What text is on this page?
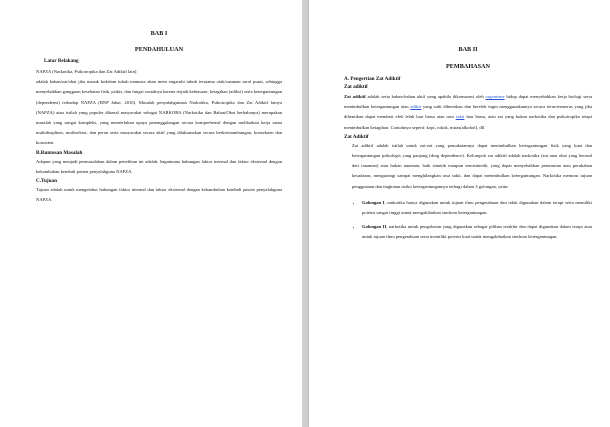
BAB I
PENDAHULUAN
Latar Belakang

NAPZA (Narkotika, Psikotropika dan Zat Adiktif lain)

adalah bahan/zat/obat jika masuk kedalam tubuh manusia akan mem engaruhi tubuh terutama otak/susunan saraf pusat, sehingga menyebabkan gangguan kesehatan fisik, psikis, dan fungsi sosialnya karena terjadi kebiasaan, ketagihan (adiksi) serta ketergantungan (dependensi) terhadap NAPZA (BNP Jabar, 2010). Masalah penyalahgunaan Narkotika, Psikotropika dan Zat Adiktif lainya (NAPZA) atau istilah yang populer dikenal masyarakat sebagai NARKOBA (Narkotika dan Bahan/Obat berbahanya) merupakan masalah yang sangat kompleks, yang memerlukan upaya penanggulangan secara komprehensif dengan melibatkan kerja sama multidisipliner, multisektor, dan peran serta masyarakat secara aktif yang dilaksanakan secara berkesinambungan, konsekuen dan konsisten.

B.Rumusan Masalah

Adapun yang menjadi permasalahan dalam penelitian ini adalah: bagaimana hubungan faktor internal dan faktor eksternal dengan kekambuhan kembali pasien penyalahguna NAPZA.

C.Tujuan

Tujuan adalah untuk mengetahui hubungan faktor internal dan faktor eksternal dengan kekambuhan kembali pasien penyalahguna NAPZA.

BAB II
PEMBAHASAN
A. Pengertian Zat Adiktif
Zat adiktif

Zat adiktif adalah serta bahan-bahan aktif yang apabila dikonsumsi oleh organisme hidup dapat menyebabkan kerja biologi serta menimbulkan ketergantungan atau adiksi yang sulit dihentikan dan berefek ingin menggunakannya secara terus-menerus yang jika dihentikan dapat memberi efek lelah luar biasa atau rasa sakit luar biasa, atau zat yang bukan narkotika dan psikotropika tetapi menimbulkan ketagihan. Contohnya seperti: kopi, rokok, miras(alkohol), dll

Zat Adiktif

Zat adiktif adalah istilah untuk zat-zat yang pemakaiannya dapat menimbulkan ketergantungan fisik yang kuat dan ketergantungan psikologis yang panjang (drug dependence). Kelompok zat adiktif adalah narkotika (zat atau obat yang berasal dari tanaman) atau bukan tanaman, baik sintetik maupun semisintetik, yang dapat menyebabkan penurunan atau perubahan kesadaran, mengurangi sampai menghilangkan rasa sakit, dan dapat menimbulkan ketergantungan. Narkotika menurut tujuan penggunaan dan tingkatan risiko ketergantungannya terbagi dalam 3 golongan, yaitu:

• Golongan I, narkotika hanya digunakan untuk tujuan ilmu pengetahuan dan tidak digunakan dalam terapi serta memiliki potensi sangat tinggi untuk mengakibatkan sindrom ketergantungan.
• Golongan II, narkotika untuk pengobatan yang digunakan sebagai pilihan terakhir dan dapat digunakan dalam terapi atau untuk tujuan ilmu pengetahuan serta memiliki potensi kuat untuk mengakibatkan sindrom ketergantungan.
